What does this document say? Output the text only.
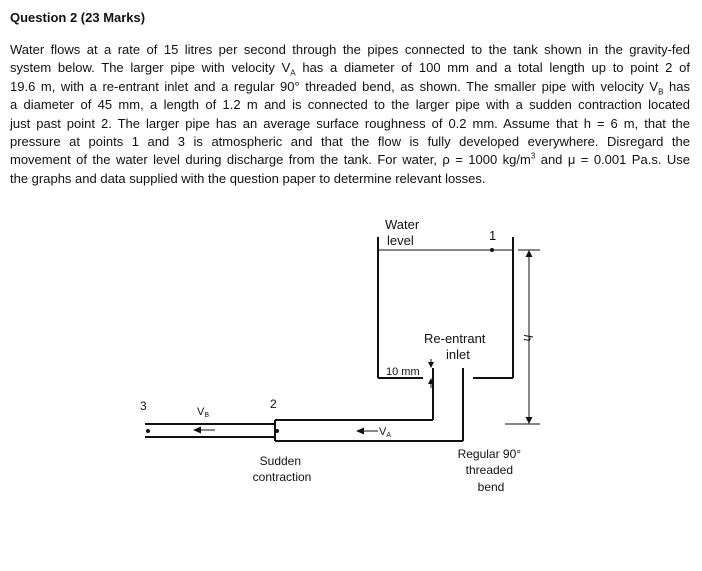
Question 2 (23 Marks)
Water flows at a rate of 15 litres per second through the pipes connected to the tank shown in the gravity-fed
system below. The larger pipe with velocity $V_A$ has a diameter of 100 mm and a total length up to point 2 of
19.6 m, with a re-entrant inlet and a regular 90° threaded bend, as shown. The smaller pipe with velocity $V_B$ has
a diameter of 45 mm, a length of 1.2 m and is connected to the larger pipe with a sudden contraction located
just past point 2. The larger pipe has an average surface roughness of 0.2 mm. Assume that h = 6 m, that the
pressure at points 1 and 3 is atmospheric and that the flow is fully developed everywhere. Disregard the
movement of the water level during discharge from the tank. For water, ρ = 1000 $kg/m^3$ and μ = 0.001 Pa.s. Use
the graphs and data supplied with the question paper to determine relevant losses.
Water level	1
h
Re-entrant inlet
10 mm
3	2
VB
VA
Sudden contraction
Regular 90° threaded bend
